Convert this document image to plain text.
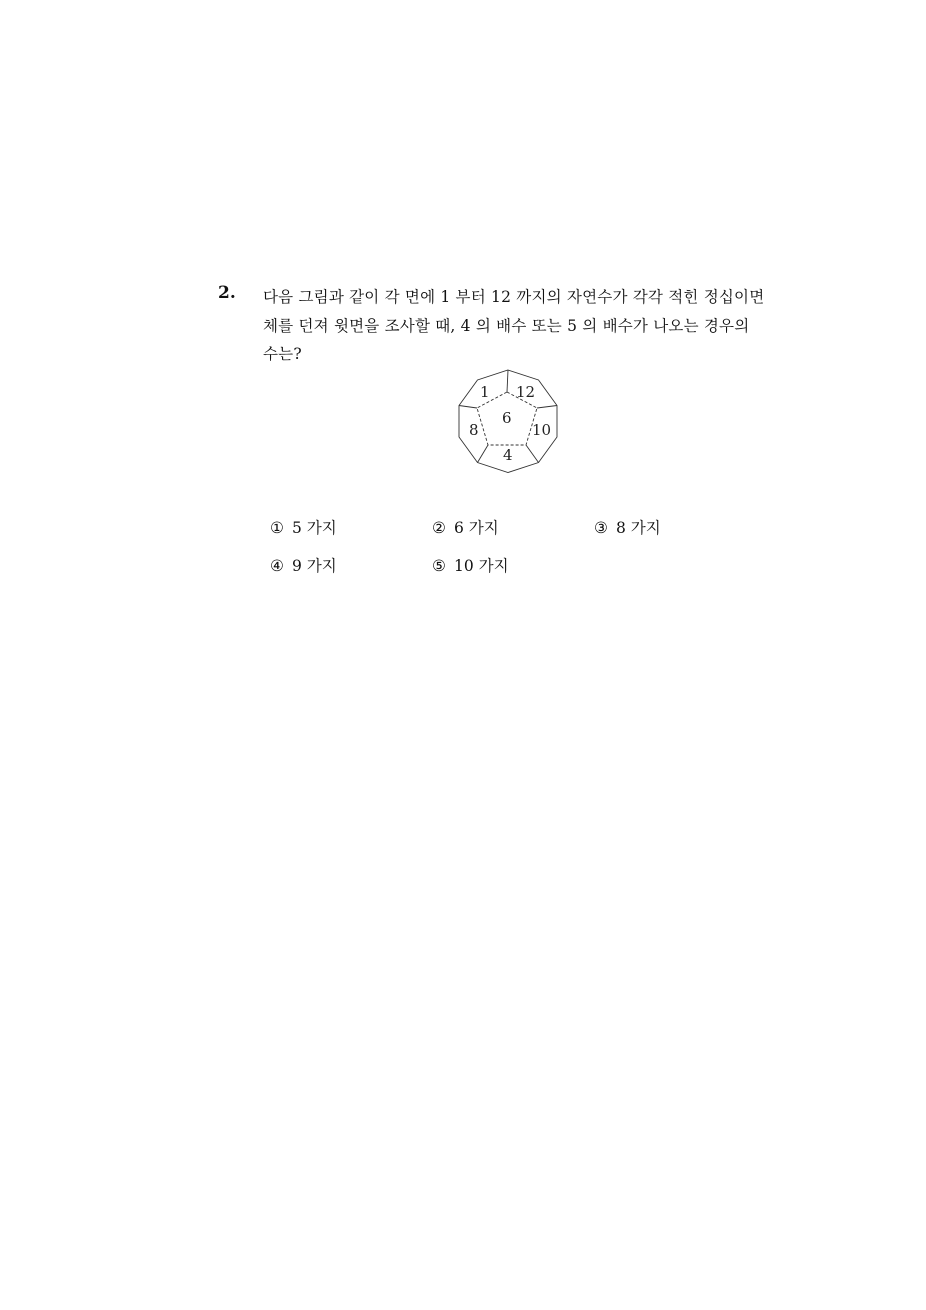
2. 다음 그림과 같이 각 면에 1 부터 12 까지의 자연수가 각각 적힌 정십이면
체를 던져 윗면을 조사할 때, 4 의 배수 또는 5 의 배수가 나오는 경우의
수는?
1 12
6
8	10
4
① 5 가지	② 6 가지	③ 8 가지
④ 9 가지	⑤ 10 가지
